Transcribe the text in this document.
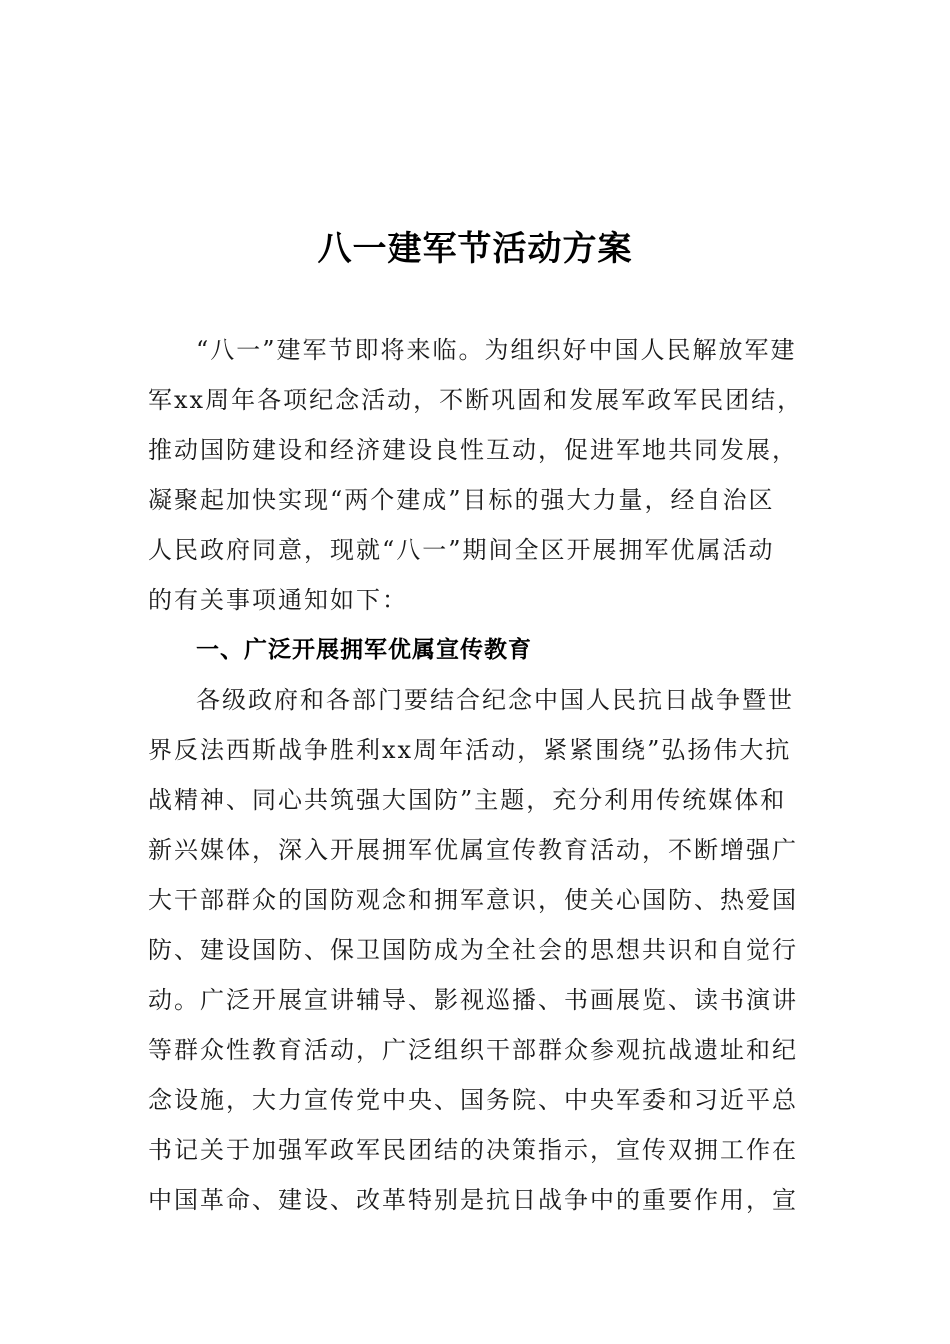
八一建军节活动方案
“八一”建军节即将来临。为组织好中国人民解放军建
军xx周年各项纪念活动，不断巩固和发展军政军民团结，
推动国防建设和经济建设良性互动，促进军地共同发展，
凝聚起加快实现“两个建成”目标的强大力量，经自治区
人民政府同意，现就“八一”期间全区开展拥军优属活动
的有关事项通知如下：
一、广泛开展拥军优属宣传教育
各级政府和各部门要结合纪念中国人民抗日战争暨世
界反法西斯战争胜利xx周年活动，紧紧围绕”弘扬伟大抗
战精神、同心共筑强大国防”主题，充分利用传统媒体和
新兴媒体，深入开展拥军优属宣传教育活动，不断增强广
大干部群众的国防观念和拥军意识，使关心国防、热爱国
防、建设国防、保卫国防成为全社会的思想共识和自觉行
动。广泛开展宣讲辅导、影视巡播、书画展览、读书演讲
等群众性教育活动，广泛组织干部群众参观抗战遗址和纪
念设施，大力宣传党中央、国务院、中央军委和习近平总
书记关于加强军政军民团结的决策指示，宣传双拥工作在
中国革命、建设、改革特别是抗日战争中的重要作用，宣
